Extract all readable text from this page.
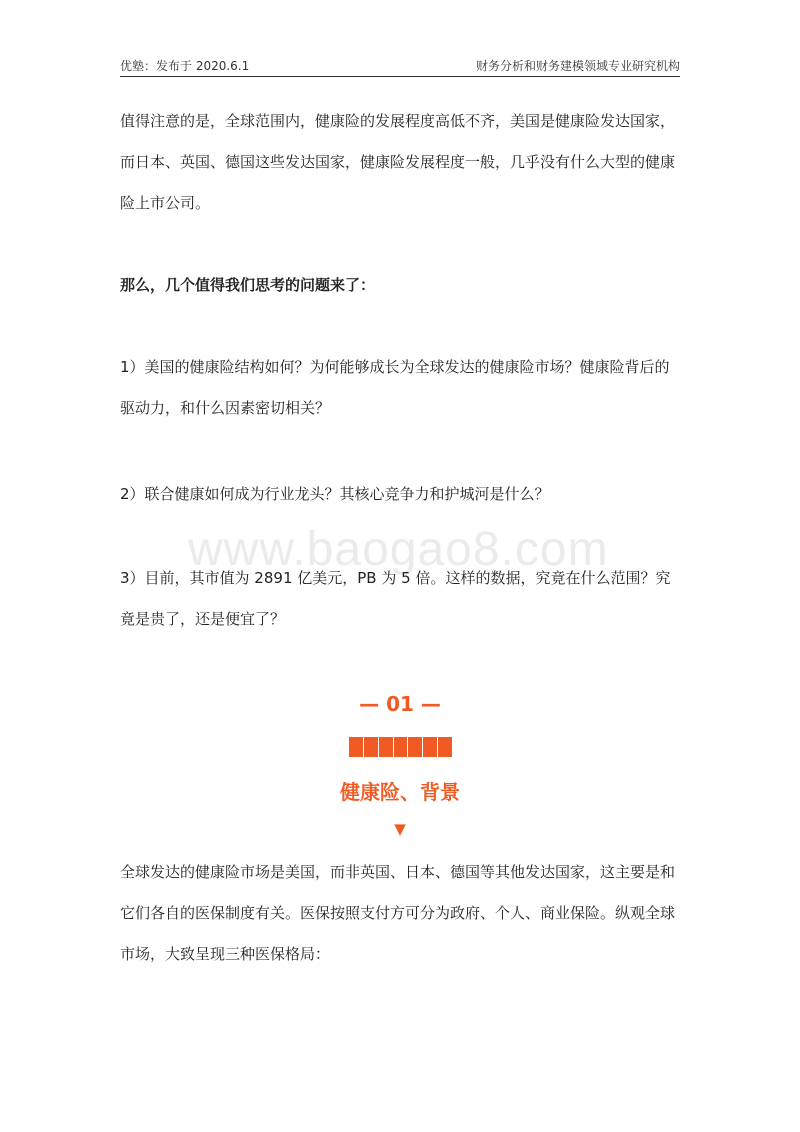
优塾：发布于 2020.6.1	财务分析和财务建模领域专业研究机构

值得注意的是，全球范围内，健康险的发展程度高低不齐，美国是健康险发达国家，而日本、英国、德国这些发达国家，健康险发展程度一般，几乎没有什么大型的健康险上市公司。

那么，几个值得我们思考的问题来了：

1）美国的健康险结构如何？为何能够成长为全球发达的健康险市场？健康险背后的驱动力，和什么因素密切相关？

2）联合健康如何成为行业龙头？其核心竞争力和护城河是什么？

www.baogao8.com

3）目前，其市值为 2891 亿美元，PB 为 5 倍。这样的数据，究竟在什么范围？究竟是贵了，还是便宜了？

— 01 —
健康险、背景
▼

全球发达的健康险市场是美国，而非英国、日本、德国等其他发达国家，这主要是和它们各自的医保制度有关。医保按照支付方可分为政府、个人、商业保险。纵观全球市场，大致呈现三种医保格局：
